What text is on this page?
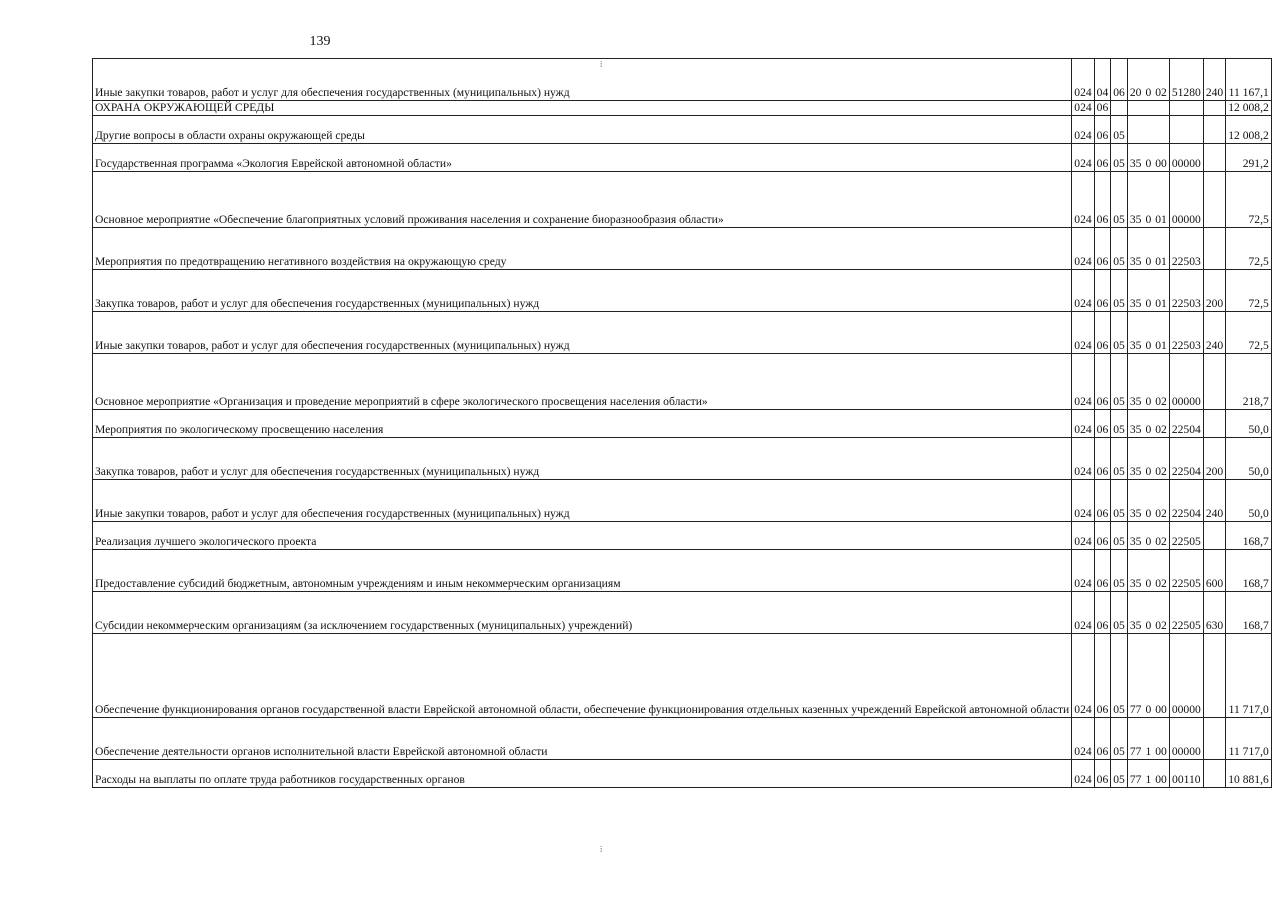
139
Иные закупки товаров, работ и услуг для обеспечения государственных (муниципальных) нужд	024	04	06	20	0	02	51280	240	11 167,1
ОХРАНА ОКРУЖАЮЩЕЙ СРЕДЫ	024	06							12 008,2
Другие вопросы в области охраны окружающей среды	024	06	05						12 008,2
Государственная программа «Экология Еврейской автономной области»	024	06	05	35	0	00	00000		291,2
Основное мероприятие «Обеспечение благоприятных условий проживания населения и сохранение биоразнообразия области»	024	06	05	35	0	01	00000		72,5
Мероприятия по предотвращению негативного воздействия на окружающую среду	024	06	05	35	0	01	22503		72,5
Закупка товаров, работ и услуг для обеспечения государственных (муниципальных) нужд	024	06	05	35	0	01	22503	200	72,5
Иные закупки товаров, работ и услуг для обеспечения государственных (муниципальных) нужд	024	06	05	35	0	01	22503	240	72,5
Основное мероприятие «Организация и проведение мероприятий в сфере экологического просвещения населения области»	024	06	05	35	0	02	00000		218,7
Мероприятия по экологическому просвещению населения	024	06	05	35	0	02	22504		50,0
Закупка товаров, работ и услуг для обеспечения государственных (муниципальных) нужд	024	06	05	35	0	02	22504	200	50,0
Иные закупки товаров, работ и услуг для обеспечения государственных (муниципальных) нужд	024	06	05	35	0	02	22504	240	50,0
Реализация лучшего экологического проекта	024	06	05	35	0	02	22505		168,7
Предоставление субсидий бюджетным, автономным учреждениям и иным некоммерческим организациям	024	06	05	35	0	02	22505	600	168,7
Субсидии некоммерческим организациям (за исключением государственных (муниципальных) учреждений)	024	06	05	35	0	02	22505	630	168,7
Обеспечение функционирования органов государственной власти Еврейской автономной области, обеспечение функционирования отдельных казенных учреждений Еврейской автономной области	024	06	05	77	0	00	00000		11 717,0
Обеспечение деятельности органов исполнительной власти Еврейской автономной области	024	06	05	77	1	00	00000		11 717,0
Расходы на выплаты по оплате труда работников государственных органов	024	06	05	77	1	00	00110		10 881,6
⁞
⁞
